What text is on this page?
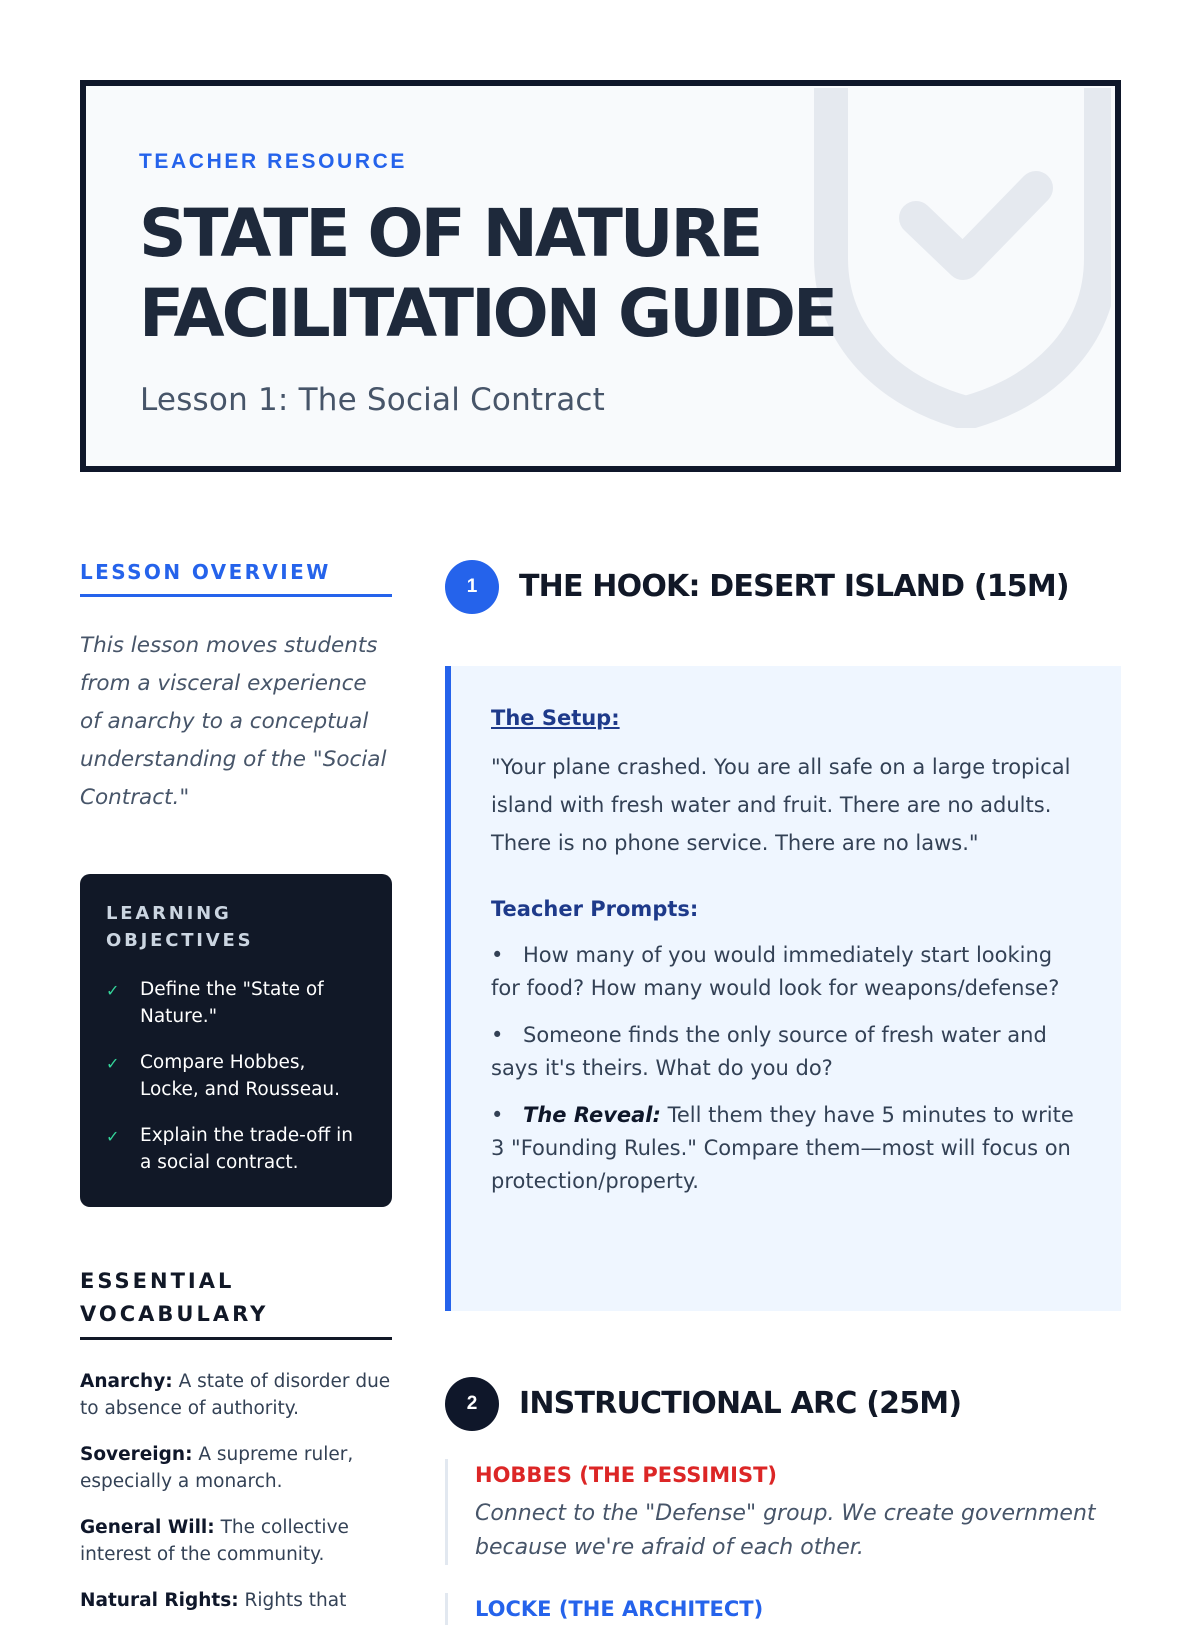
TEACHER RESOURCE
STATE OF NATURE
FACILITATION GUIDE
Lesson 1: The Social Contract
LESSON OVERVIEW
This lesson moves students from a visceral experience of anarchy to a conceptual understanding of the "Social Contract."
LEARNING OBJECTIVES
✓ Define the "State of Nature."
✓ Compare Hobbes, Locke, and Rousseau.
✓ Explain the trade-off in a social contract.
ESSENTIAL VOCABULARY
Anarchy: A state of disorder due to absence of authority.
Sovereign: A supreme ruler, especially a monarch.
General Will: The collective interest of the community.
Natural Rights: Rights that
1	THE HOOK: DESERT ISLAND (15M)
The Setup:
"Your plane crashed. You are all safe on a large tropical island with fresh water and fruit. There are no adults. There is no phone service. There are no laws."
Teacher Prompts:
• How many of you would immediately start looking for food? How many would look for weapons/defense?
• Someone finds the only source of fresh water and says it's theirs. What do you do?
• The Reveal: Tell them they have 5 minutes to write 3 "Founding Rules." Compare them—most will focus on protection/property.
2	INSTRUCTIONAL ARC (25M)
HOBBES (THE PESSIMIST)
Connect to the "Defense" group. We create government because we're afraid of each other.
LOCKE (THE ARCHITECT)
